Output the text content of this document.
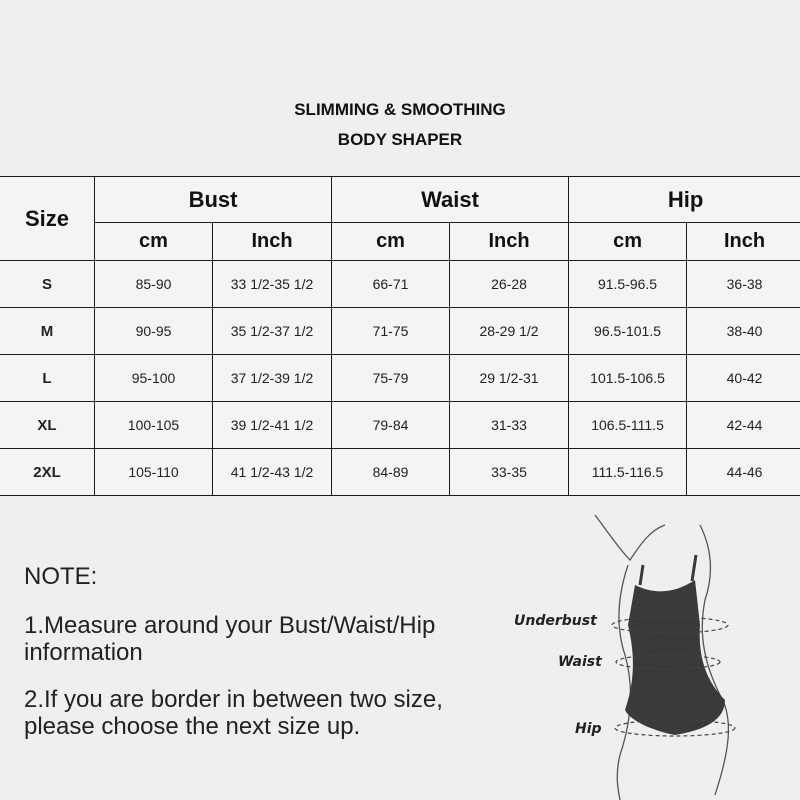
SLIMMING & SMOOTHING
BODY SHAPER
Size	Bust		Waist		Hip	
	cm	Inch	cm	Inch	cm	Inch
S	85-90	33 1/2-35 1/2	66-71	26-28	91.5-96.5	36-38
M	90-95	35 1/2-37 1/2	71-75	28-29 1/2	96.5-101.5	38-40
L	95-100	37 1/2-39 1/2	75-79	29 1/2-31	101.5-106.5	40-42
XL	100-105	39 1/2-41 1/2	79-84	31-33	106.5-111.5	42-44
2XL	105-110	41 1/2-43 1/2	84-89	33-35	111.5-116.5	44-46
NOTE:
1.Measure around your Bust/Waist/Hip information
2.If you are border in between two size, please choose the next size up.
Underbust
Waist
Hip
